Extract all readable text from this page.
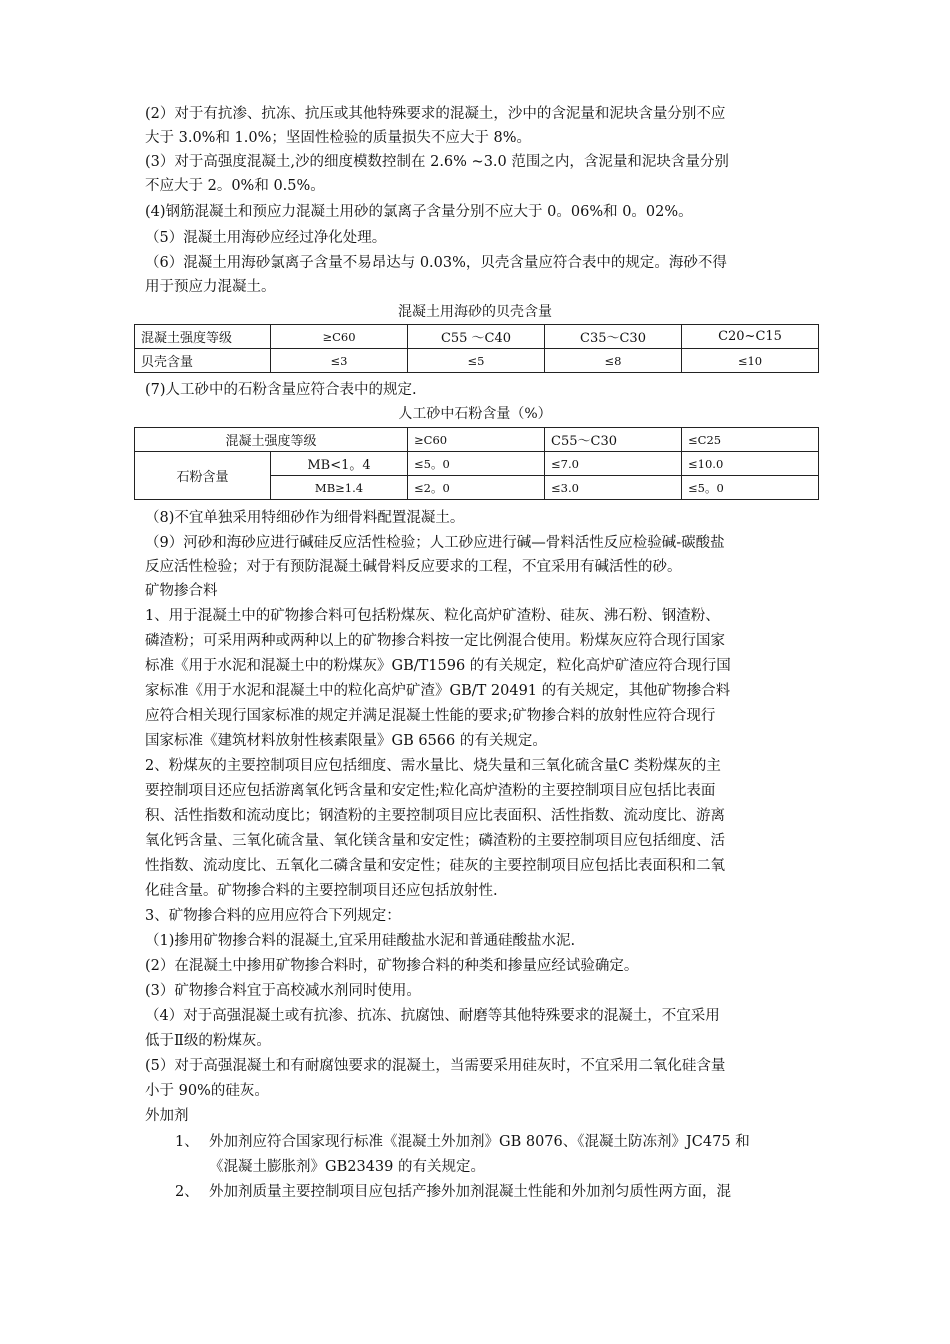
(2）对于有抗渗、抗冻、抗压或其他特殊要求的混凝土，沙中的含泥量和泥块含量分别不应

大于 3.0%和 1.0%；坚固性检验的质量损失不应大于 8%。

(3）对于高强度混凝土,沙的细度模数控制在 2.6% ~3.0 范围之内，含泥量和泥块含量分别

不应大于 2。0%和 0.5%。

(4)钢筋混凝土和预应力混凝土用砂的氯离子含量分别不应大于 0。06%和 0。02%。

（5）混凝土用海砂应经过净化处理。

（6）混凝土用海砂氯离子含量不易昂达与 0.03%，贝壳含量应符合表中的规定。海砂不得

用于预应力混凝土。

混凝土用海砂的贝壳含量

混凝土强度等级	≥C60	C55 ～C40	C35～C30	C20~C15
贝壳含量	≤3	≤5	≤8	≤10

(7)人工砂中的石粉含量应符合表中的规定.

人工砂中石粉含量（%）

混凝土强度等级		≥C60	C55～C30	≤C25
石粉含量	MB<1。4	≤5。0	≤7.0	≤10.0
	MB≥1.4	≤2。0	≤3.0	≤5。0

（8)不宜单独采用特细砂作为细骨料配置混凝土。

（9）河砂和海砂应进行碱硅反应活性检验；人工砂应进行碱—骨料活性反应检验碱-碳酸盐

反应活性检验；对于有预防混凝土碱骨料反应要求的工程，不宜采用有碱活性的砂。

矿物掺合料

1、用于混凝土中的矿物掺合料可包括粉煤灰、粒化高炉矿渣粉、硅灰、沸石粉、钢渣粉、

磷渣粉；可采用两种或两种以上的矿物掺合料按一定比例混合使用。粉煤灰应符合现行国家

标准《用于水泥和混凝土中的粉煤灰》GB/T1596 的有关规定，粒化高炉矿渣应符合现行国

家标准《用于水泥和混凝土中的粒化高炉矿渣》GB/T 20491 的有关规定，其他矿物掺合料

应符合相关现行国家标准的规定并满足混凝土性能的要求;矿物掺合料的放射性应符合现行

国家标准《建筑材料放射性核素限量》GB 6566 的有关规定。

2、粉煤灰的主要控制项目应包括细度、需水量比、烧失量和三氧化硫含量C 类粉煤灰的主

要控制项目还应包括游离氧化钙含量和安定性;粒化高炉渣粉的主要控制项目应包括比表面

积、活性指数和流动度比；钢渣粉的主要控制项目应比表面积、活性指数、流动度比、游离

氧化钙含量、三氧化硫含量、氧化镁含量和安定性；磷渣粉的主要控制项目应包括细度、活

性指数、流动度比、五氧化二磷含量和安定性；硅灰的主要控制项目应包括比表面积和二氧

化硅含量。矿物掺合料的主要控制项目还应包括放射性.

3、矿物掺合料的应用应符合下列规定：

（1)掺用矿物掺合料的混凝土,宜采用硅酸盐水泥和普通硅酸盐水泥.

(2）在混凝土中掺用矿物掺合料时，矿物掺合料的种类和掺量应经试验确定。

(3）矿物掺合料宜于高校减水剂同时使用。

（4）对于高强混凝土或有抗渗、抗冻、抗腐蚀、耐磨等其他特殊要求的混凝土，不宜采用

低于Ⅱ级的粉煤灰。

(5）对于高强混凝土和有耐腐蚀要求的混凝土，当需要采用硅灰时，不宜采用二氧化硅含量

小于 90%的硅灰。

外加剂

1、 外加剂应符合国家现行标准《混凝土外加剂》GB 8076、《混凝土防冻剂》JC475 和

《混凝土膨胀剂》GB23439 的有关规定。

2、 外加剂质量主要控制项目应包括产掺外加剂混凝土性能和外加剂匀质性两方面，混
